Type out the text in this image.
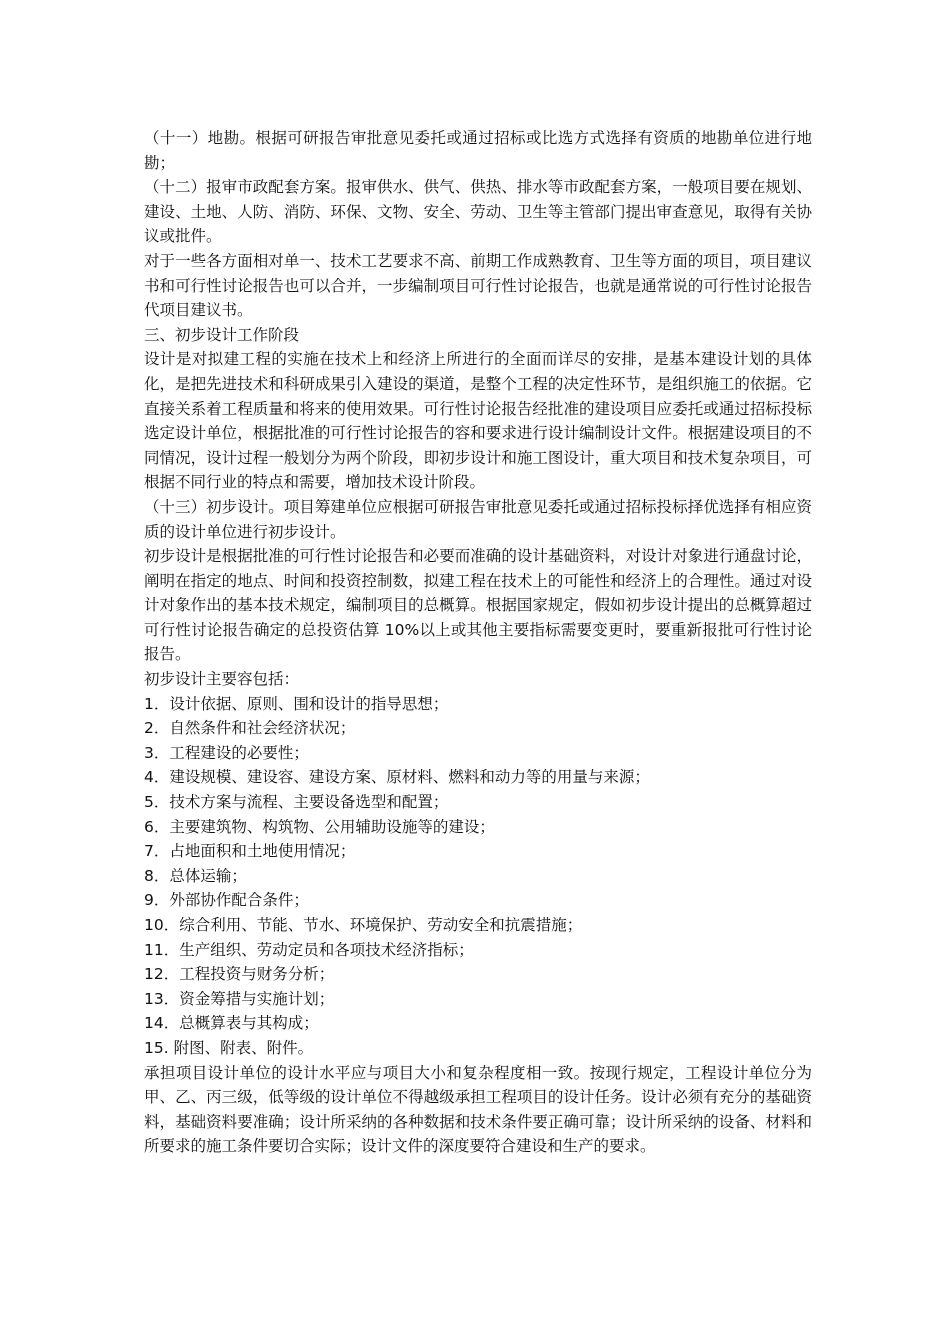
（十一）地勘。根据可研报告审批意见委托或通过招标或比选方式选择有资质的地勘单位进行地勘；

（十二）报审市政配套方案。报审供水、供气、供热、排水等市政配套方案，一般项目要在规划、建设、土地、人防、消防、环保、文物、安全、劳动、卫生等主管部门提出审查意见，取得有关协议或批件。

对于一些各方面相对单一、技术工艺要求不高、前期工作成熟教育、卫生等方面的项目，项目建议书和可行性讨论报告也可以合并，一步编制项目可行性讨论报告，也就是通常说的可行性讨论报告代项目建议书。

三、初步设计工作阶段

设计是对拟建工程的实施在技术上和经济上所进行的全面而详尽的安排，是基本建设计划的具体化，是把先进技术和科研成果引入建设的渠道，是整个工程的决定性环节，是组织施工的依据。它直接关系着工程质量和将来的使用效果。可行性讨论报告经批准的建设项目应委托或通过招标投标选定设计单位，根据批准的可行性讨论报告的容和要求进行设计编制设计文件。根据建设项目的不同情况，设计过程一般划分为两个阶段，即初步设计和施工图设计，重大项目和技术复杂项目，可根据不同行业的特点和需要，增加技术设计阶段。

（十三）初步设计。项目筹建单位应根据可研报告审批意见委托或通过招标投标择优选择有相应资质的设计单位进行初步设计。

初步设计是根据批准的可行性讨论报告和必要而准确的设计基础资料，对设计对象进行通盘讨论，阐明在指定的地点、时间和投资控制数，拟建工程在技术上的可能性和经济上的合理性。通过对设计对象作出的基本技术规定，编制项目的总概算。根据国家规定，假如初步设计提出的总概算超过可行性讨论报告确定的总投资估算 10%以上或其他主要指标需要变更时，要重新报批可行性讨论报告。

初步设计主要容包括：

1．设计依据、原则、围和设计的指导思想；

2．自然条件和社会经济状况；

3．工程建设的必要性；

4．建设规模、建设容、建设方案、原材料、燃料和动力等的用量与来源；

5．技术方案与流程、主要设备选型和配置；

6．主要建筑物、构筑物、公用辅助设施等的建设；

7．占地面积和土地使用情况；

8．总体运输；

9．外部协作配合条件；

10．综合利用、节能、节水、环境保护、劳动安全和抗震措施；

11．生产组织、劳动定员和各项技术经济指标；

12．工程投资与财务分析；

13．资金筹措与实施计划；

14．总概算表与其构成；

15. 附图、附表、附件。

承担项目设计单位的设计水平应与项目大小和复杂程度相一致。按现行规定，工程设计单位分为甲、乙、丙三级，低等级的设计单位不得越级承担工程项目的设计任务。设计必须有充分的基础资料，基础资料要准确；设计所采纳的各种数据和技术条件要正确可靠；设计所采纳的设备、材料和所要求的施工条件要切合实际；设计文件的深度要符合建设和生产的要求。
